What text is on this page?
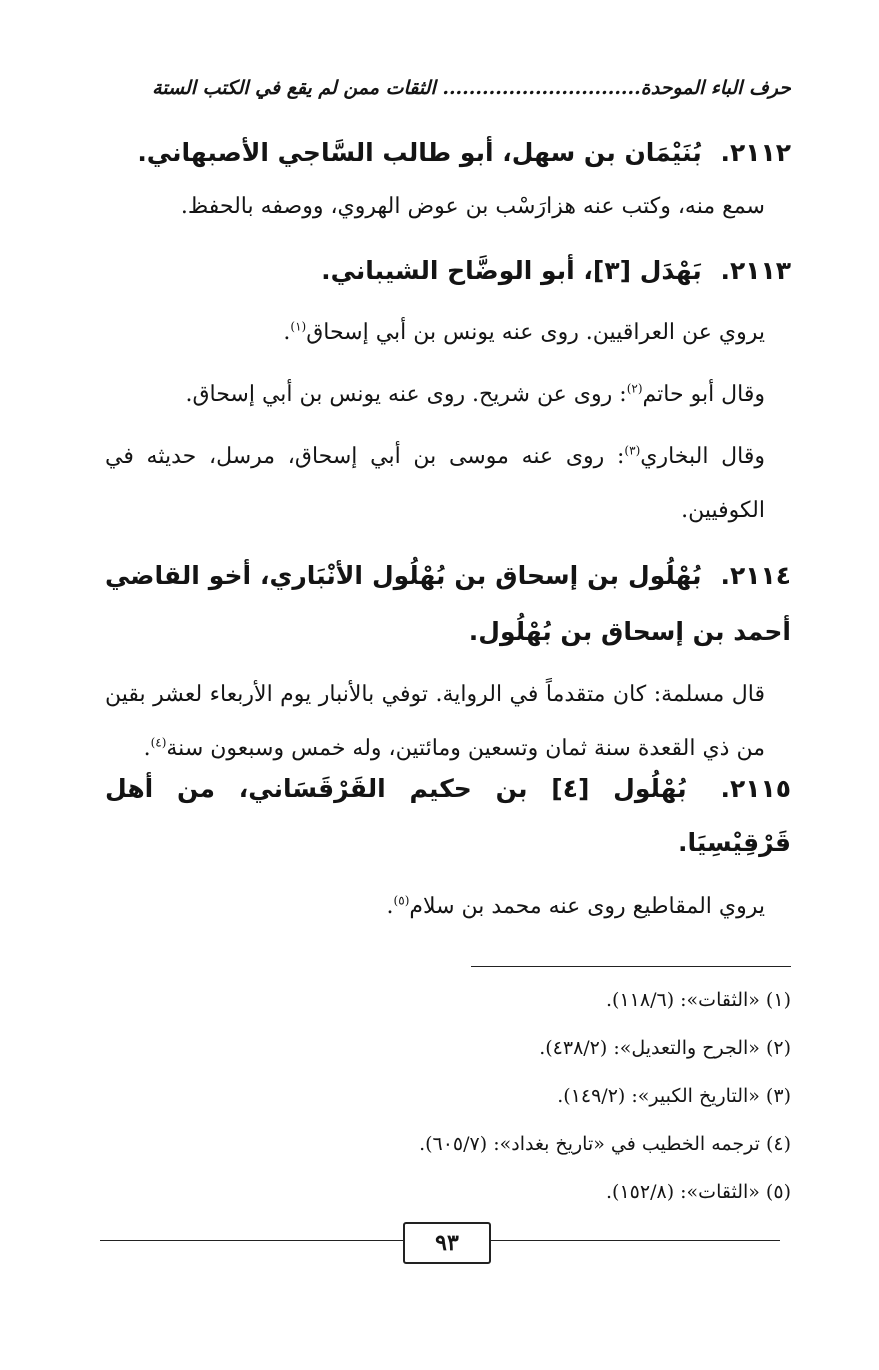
حرف الباء الموحدة.............................. الثقات ممن لم يقع في الكتب الستة
٢١١٢. بُنَيْمَان بن سهل، أبو طالب السَّاجي الأصبهاني.
سمع منه، وكتب عنه هزارَسْب بن عوض الهروي، ووصفه بالحفظ.
٢١١٣. بَهْدَل [٣]، أبو الوضَّاح الشيباني.
يروي عن العراقيين. روى عنه يونس بن أبي إسحاق$^{(١)}$.
وقال أبو حاتم$^{(٢)}$: روى عن شريح. روى عنه يونس بن أبي إسحاق.
وقال البخاري$^{(٣)}$: روى عنه موسى بن أبي إسحاق، مرسل، حديثه في الكوفيين.
٢١١٤. بُهْلُول بن إسحاق بن بُهْلُول الأنْبَاري، أخو القاضي أحمد بن إسحاق بن بُهْلُول.
قال مسلمة: كان متقدماً في الرواية. توفي بالأنبار يوم الأربعاء لعشر بقين من ذي القعدة سنة ثمان وتسعين ومائتين، وله خمس وسبعون سنة$^{(٤)}$.
٢١١٥. بُهْلُول [٤] بن حكيم القَرْقَسَاني، من أهل قَرْقِيْسِيَا.
يروي المقاطيع روى عنه محمد بن سلام$^{(٥)}$.
(١) «الثقات»: (١١٨/٦).
(٢) «الجرح والتعديل»: (٤٣٨/٢).
(٣) «التاريخ الكبير»: (١٤٩/٢).
(٤) ترجمه الخطيب في «تاريخ بغداد»: (٦٠٥/٧).
(٥) «الثقات»: (١٥٢/٨).
٩٣
